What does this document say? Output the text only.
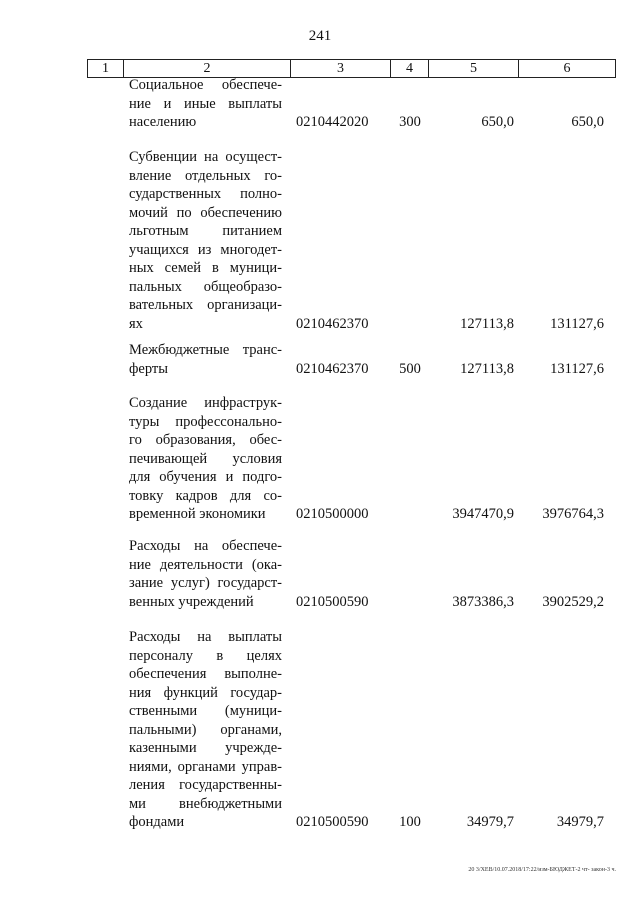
241
1	2	3	4	5	6
Социальное обеспече-
ние и иные выплаты
населению	0210442020 300	650,0	650,0
Субвенции на осущест-
вление отдельных го-
сударственных полно-
мочий по обеспечению
льготным питанием
учащихся из многодет-
ных семей в муници-
пальных общеобразо-
вательных организаци-
ях	0210462370	127113,8 131127,6
Межбюджетные транс-
ферты	0210462370 500	127113,8 131127,6
Создание инфраструк-
туры профессонально-
го образования, обес-
печивающей условия
для обучения и подго-
товку кадров для со-
временной экономики	0210500000	3947470,9 3976764,3
Расходы на обеспече-
ние деятельности (ока-
зание услуг) государст-
венных учреждений	0210500590	3873386,3 3902529,2
Расходы на выплаты
персоналу в целях
обеспечения выполне-
ния функций государ-
ственными (муници-
пальными) органами,
казенными учрежде-
ниями, органами управ-
ления государственны-
ми внебюджетными
фондами	0210500590 100	34979,7	34979,7
20 3/ХЕВ/10.07.2018/17:22/изм-БЮДЖЕТ-2 чт- закон-3 ч.
